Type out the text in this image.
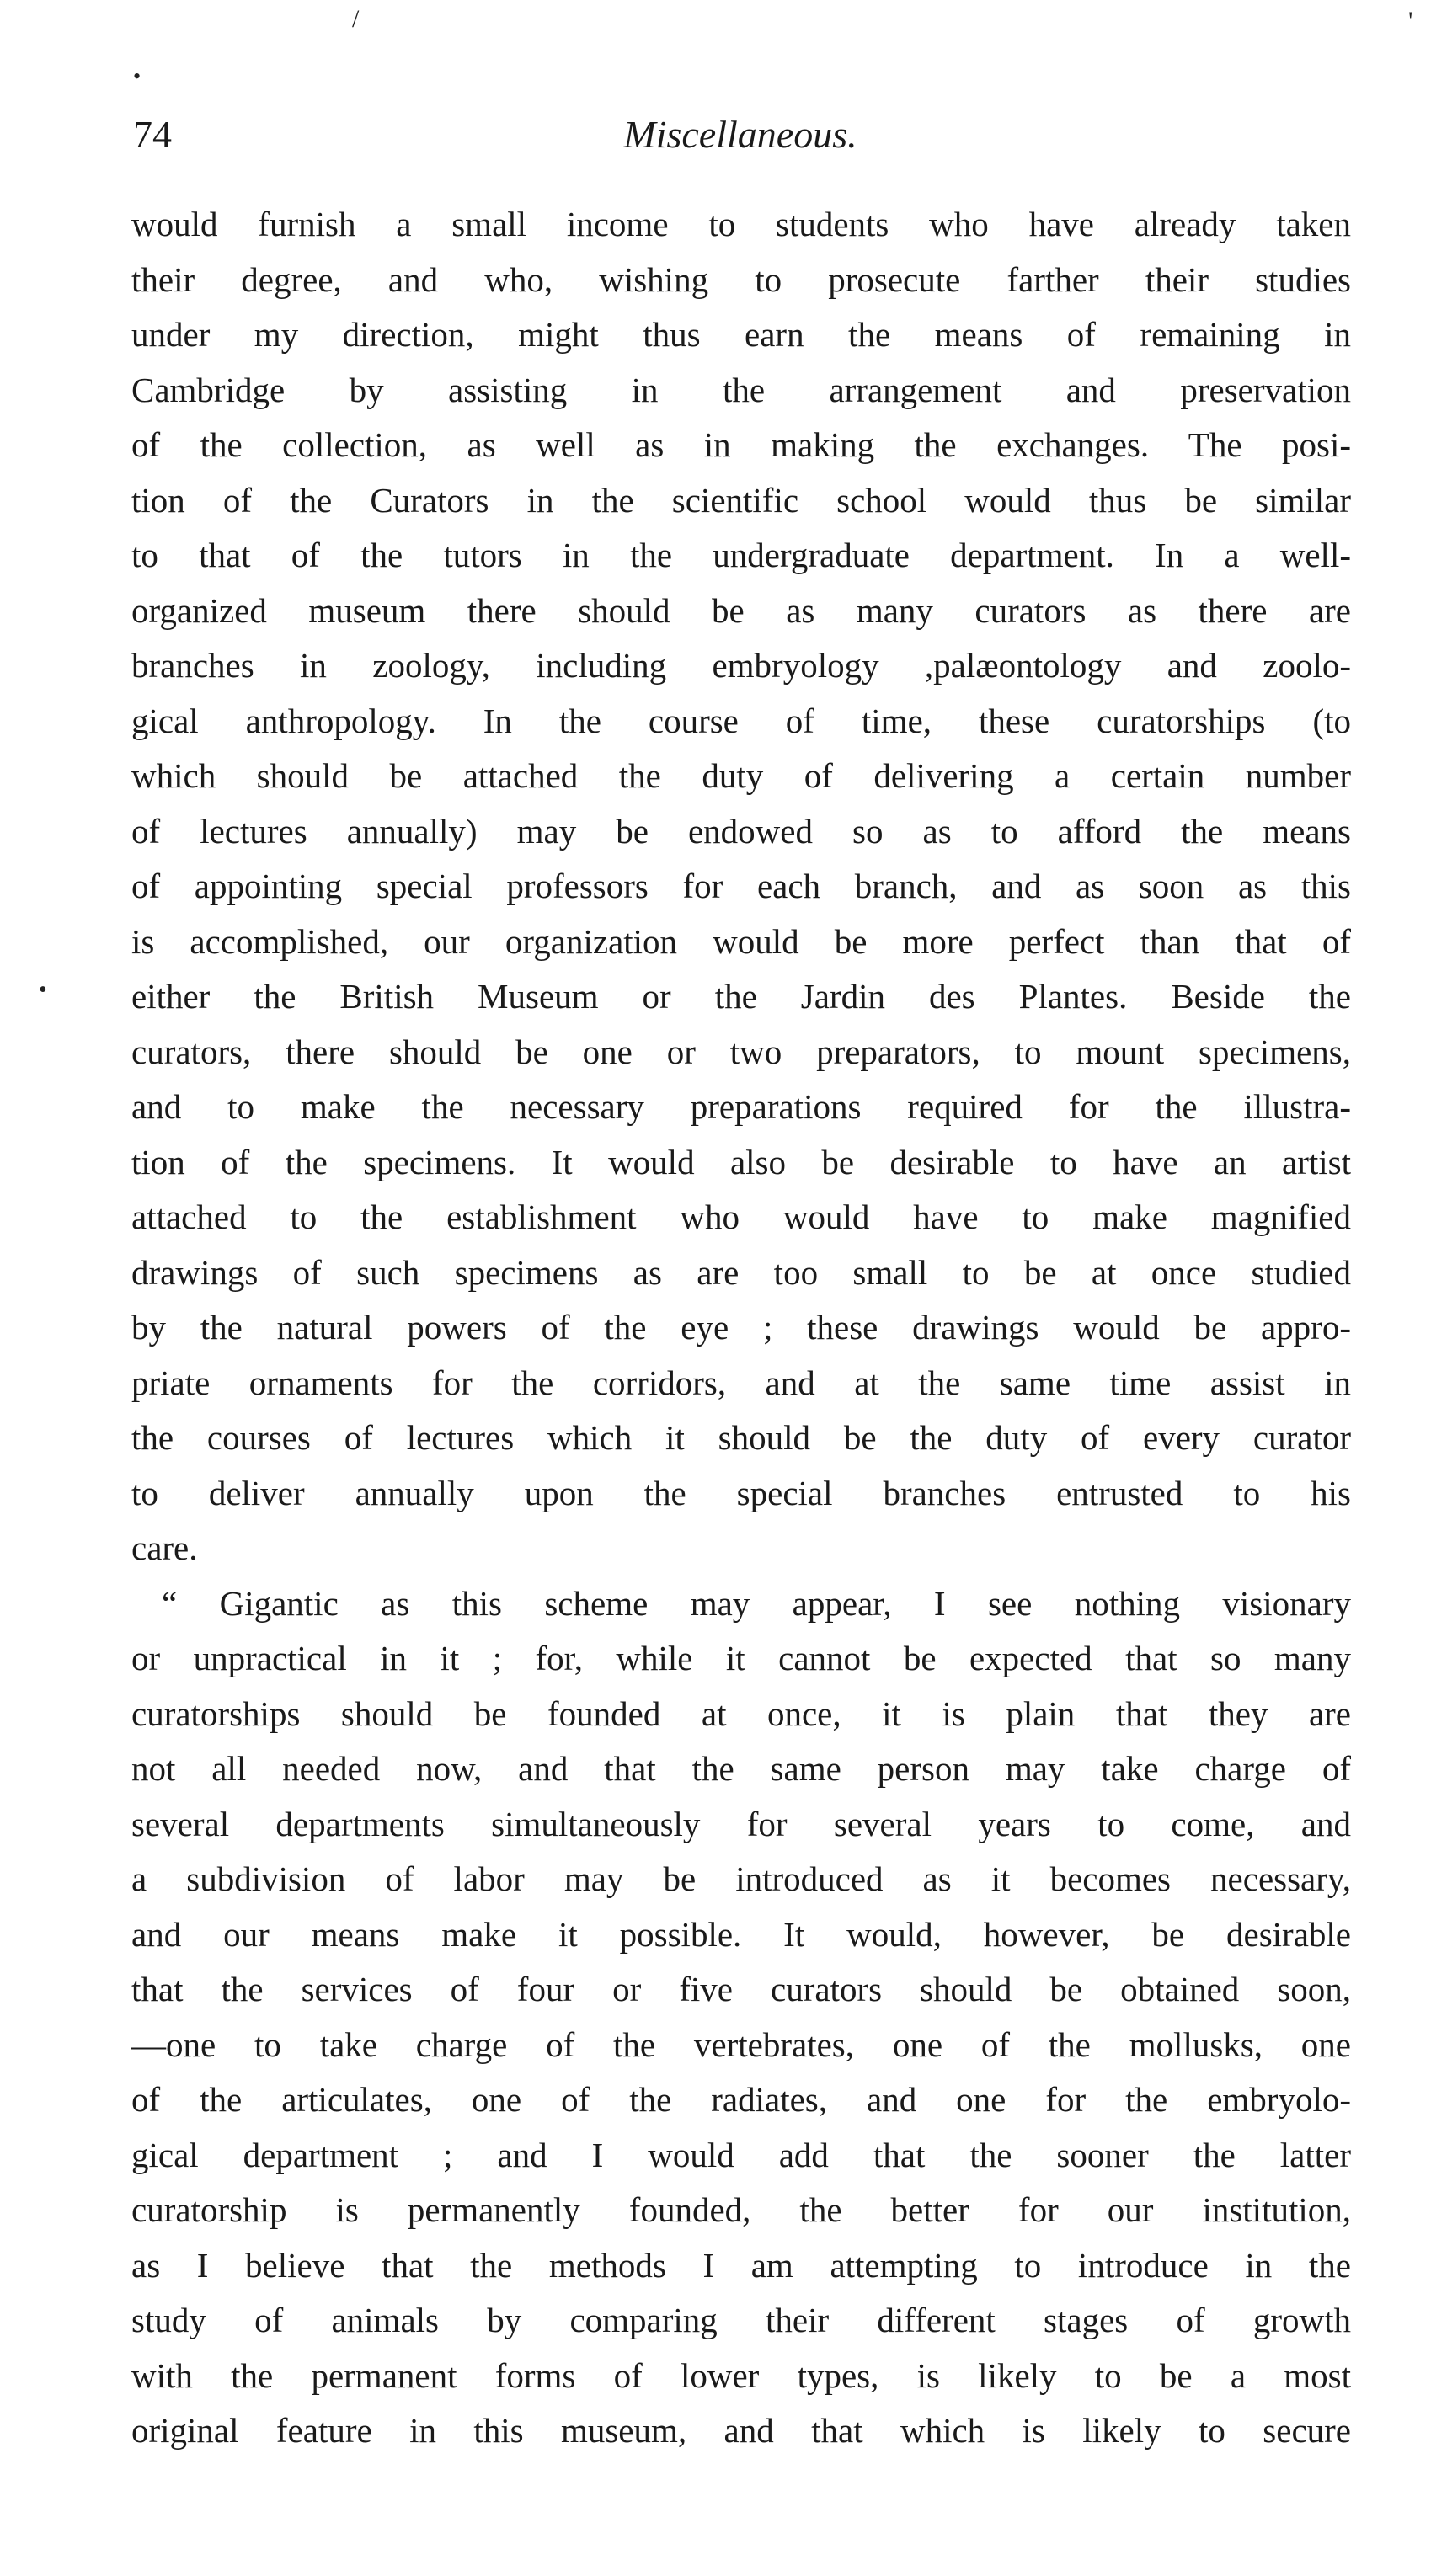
/
•
'
•
74	Miscellaneous.
would furnish a small income to students who have already taken
their degree, and who, wishing to prosecute farther their studies
under my direction, might thus earn the means of remaining in
Cambridge by assisting in the arrangement and preservation
of the collection, as well as in making the exchanges. The posi-
tion of the Curators in the scientific school would thus be similar
to that of the tutors in the undergraduate department. In a well-
organized museum there should be as many curators as there are
branches in zoology, including embryology ,palæontology and zoolo-
gical anthropology. In the course of time, these curatorships (to
which should be attached the duty of delivering a certain number
of lectures annually) may be endowed so as to afford the means
of appointing special professors for each branch, and as soon as this
is accomplished, our organization would be more perfect than that of
either the British Museum or the Jardin des Plantes. Beside the
curators, there should be one or two preparators, to mount specimens,
and to make the necessary preparations required for the illustra-
tion of the specimens. It would also be desirable to have an artist
attached to the establishment who would have to make magnified
drawings of such specimens as are too small to be at once studied
by the natural powers of the eye ; these drawings would be appro-
priate ornaments for the corridors, and at the same time assist in
the courses of lectures which it should be the duty of every curator
to deliver annually upon the special branches entrusted to his
care.
“ Gigantic as this scheme may appear, I see nothing visionary
or unpractical in it ; for, while it cannot be expected that so many
curatorships should be founded at once, it is plain that they are
not all needed now, and that the same person may take charge of
several departments simultaneously for several years to come, and
a subdivision of labor may be introduced as it becomes necessary,
and our means make it possible. It would, however, be desirable
that the services of four or five curators should be obtained soon,
—one to take charge of the vertebrates, one of the mollusks, one
of the articulates, one of the radiates, and one for the embryolo-
gical department ; and I would add that the sooner the latter
curatorship is permanently founded, the better for our institution,
as I believe that the methods I am attempting to introduce in the
study of animals by comparing their different stages of growth
with the permanent forms of lower types, is likely to be a most
original feature in this museum, and that which is likely to secure
